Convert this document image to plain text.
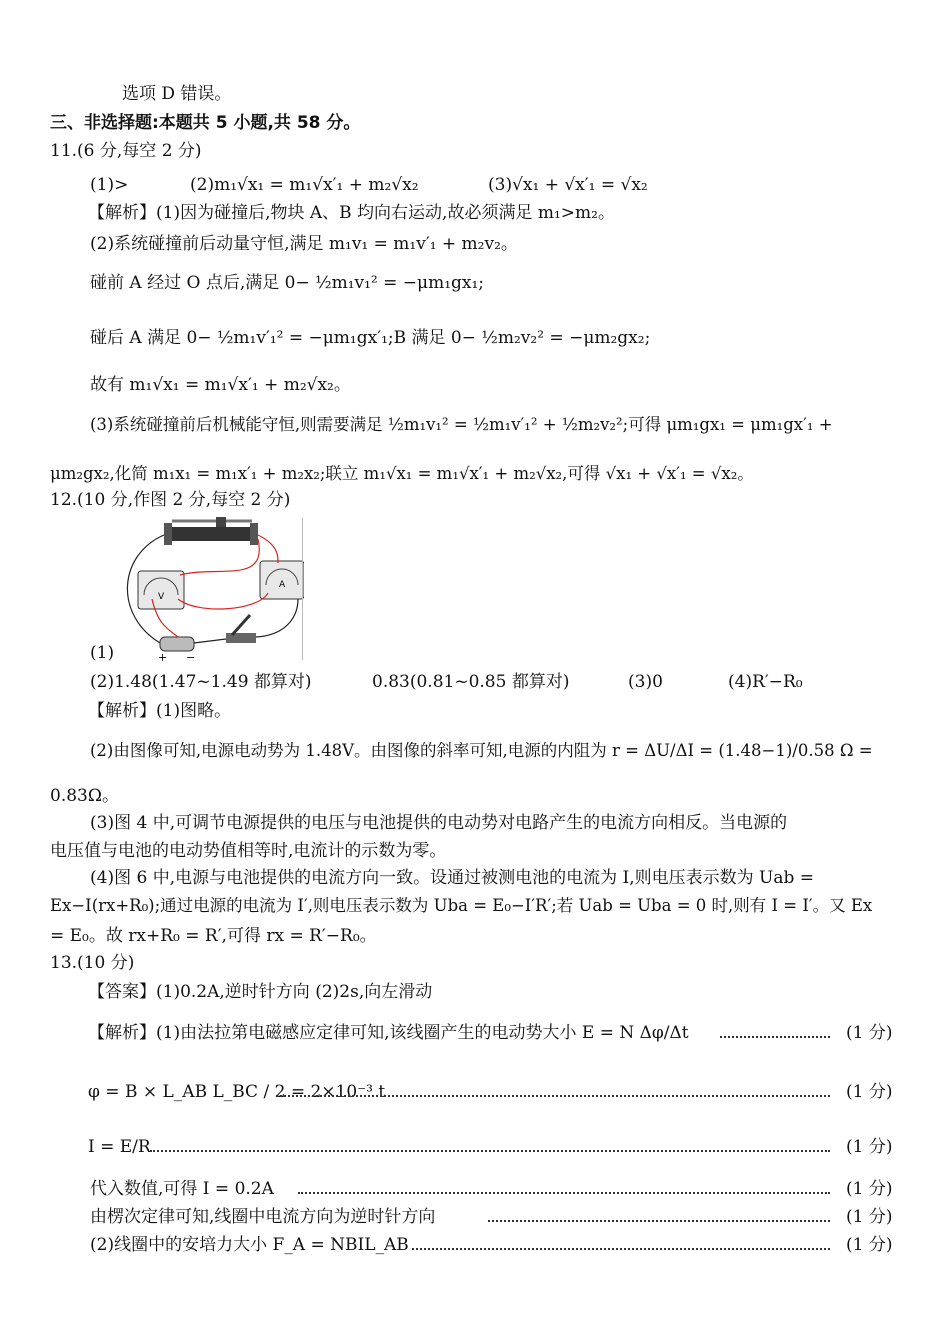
选项 D 错误。
三、非选择题:本题共 5 小题,共 58 分。
11.(6 分,每空 2 分)
(1)>	(2)m₁√x₁ = m₁√x′₁ + m₂√x₂	(3)√x₁ + √x′₁ = √x₂
【解析】(1)因为碰撞后,物块 A、B 均向右运动,故必须满足 m₁>m₂。
(2)系统碰撞前后动量守恒,满足 m₁v₁ = m₁v′₁ + m₂v₂。
碰前 A 经过 O 点后,满足 0− ½m₁v₁² = −μm₁gx₁;
碰后 A 满足 0− ½m₁v′₁² = −μm₁gx′₁;B 满足 0− ½m₂v₂² = −μm₂gx₂;
故有 m₁√x₁ = m₁√x′₁ + m₂√x₂。
(3)系统碰撞前后机械能守恒,则需要满足 ½m₁v₁² = ½m₁v′₁² + ½m₂v₂²;可得 μm₁gx₁ = μm₁gx′₁ +
μm₂gx₂,化简 m₁x₁ = m₁x′₁ + m₂x₂;联立 m₁√x₁ = m₁√x′₁ + m₂√x₂,可得 √x₁ + √x′₁ = √x₂。
12.(10 分,作图 2 分,每空 2 分)
V
A
+ −
(1)
(2)1.48(1.47~1.49 都算对)	0.83(0.81~0.85 都算对)	(3)0	(4)R′−R₀
【解析】(1)图略。
(2)由图像可知,电源电动势为 1.48V。由图像的斜率可知,电源的内阻为 r = ΔU/ΔI = (1.48−1)/0.58 Ω =
0.83Ω。
(3)图 4 中,可调节电源提供的电压与电池提供的电动势对电路产生的电流方向相反。当电源的
电压值与电池的电动势值相等时,电流计的示数为零。
(4)图 6 中,电源与电池提供的电流方向一致。设通过被测电池的电流为 I,则电压表示数为 Uab =
Ex−I(rx+R₀);通过电源的电流为 I′,则电压表示数为 Uba = E₀−I′R′;若 Uab = Uba = 0 时,则有 I = I′。又 Ex
= E₀。故 rx+R₀ = R′,可得 rx = R′−R₀。
13.(10 分)
【答案】(1)0.2A,逆时针方向 (2)2s,向左滑动
【解析】(1)由法拉第电磁感应定律可知,该线圈产生的电动势大小 E = N Δφ/Δt	(1 分)
φ = B × L_AB L_BC / 2 = 2×10⁻³ t	(1 分)
I = E/R	(1 分)
代入数值,可得 I = 0.2A	(1 分)
由楞次定律可知,线圈中电流方向为逆时针方向	(1 分)
(2)线圈中的安培力大小 F_A = NBIL_AB	(1 分)
